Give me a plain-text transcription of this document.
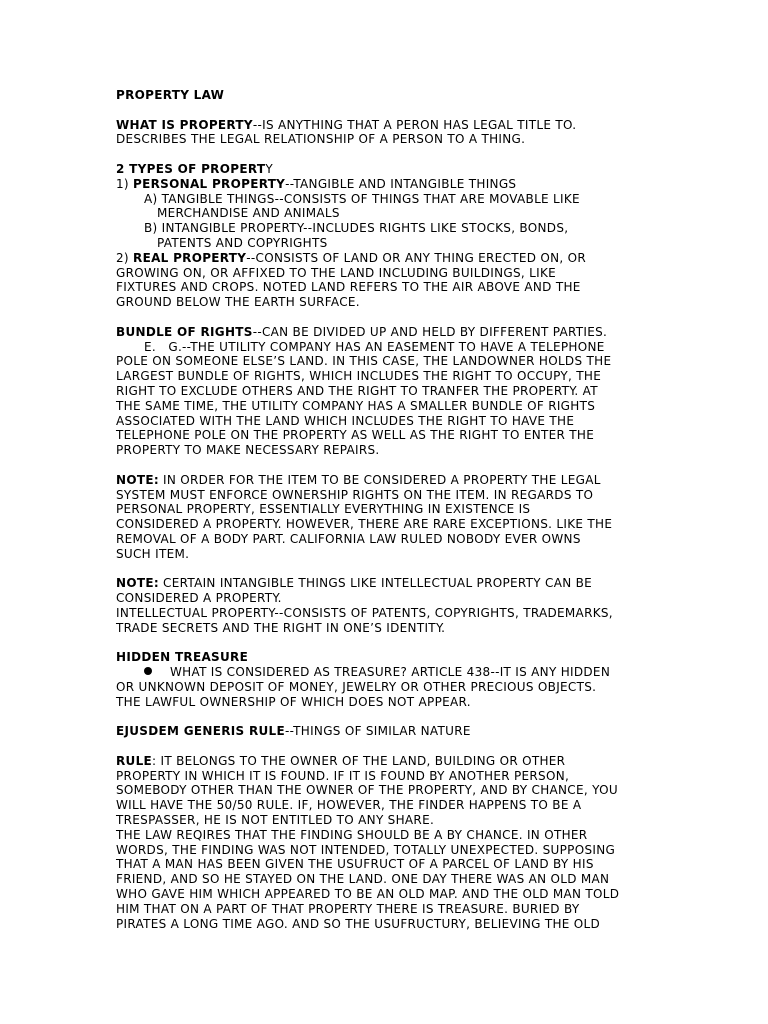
PROPERTY LAW
WHAT IS PROPERTY--IS ANYTHING THAT A PERON HAS LEGAL TITLE TO.
DESCRIBES THE LEGAL RELATIONSHIP OF A PERSON TO A THING.
2 TYPES OF PROPERTY
1) PERSONAL PROPERTY--TANGIBLE AND INTANGIBLE THINGS
A) TANGIBLE THINGS--CONSISTS OF THINGS THAT ARE MOVABLE LIKE
MERCHANDISE AND ANIMALS
B) INTANGIBLE PROPERTY--INCLUDES RIGHTS LIKE STOCKS, BONDS,
PATENTS AND COPYRIGHTS
2) REAL PROPERTY--CONSISTS OF LAND OR ANY THING ERECTED ON, OR
GROWING ON, OR AFFIXED TO THE LAND INCLUDING BUILDINGS, LIKE
FIXTURES AND CROPS. NOTED LAND REFERS TO THE AIR ABOVE AND THE
GROUND BELOW THE EARTH SURFACE.
BUNDLE OF RIGHTS--CAN BE DIVIDED UP AND HELD BY DIFFERENT PARTIES.
E.   G.--THE UTILITY COMPANY HAS AN EASEMENT TO HAVE A TELEPHONE
POLE ON SOMEONE ELSE’S LAND. IN THIS CASE, THE LANDOWNER HOLDS THE
LARGEST BUNDLE OF RIGHTS, WHICH INCLUDES THE RIGHT TO OCCUPY, THE
RIGHT TO EXCLUDE OTHERS AND THE RIGHT TO TRANFER THE PROPERTY. AT
THE SAME TIME, THE UTILITY COMPANY HAS A SMALLER BUNDLE OF RIGHTS
ASSOCIATED WITH THE LAND WHICH INCLUDES THE RIGHT TO HAVE THE
TELEPHONE POLE ON THE PROPERTY AS WELL AS THE RIGHT TO ENTER THE
PROPERTY TO MAKE NECESSARY REPAIRS.
NOTE: IN ORDER FOR THE ITEM TO BE CONSIDERED A PROPERTY THE LEGAL
SYSTEM MUST ENFORCE OWNERSHIP RIGHTS ON THE ITEM. IN REGARDS TO
PERSONAL PROPERTY, ESSENTIALLY EVERYTHING IN EXISTENCE IS
CONSIDERED A PROPERTY. HOWEVER, THERE ARE RARE EXCEPTIONS. LIKE THE
REMOVAL OF A BODY PART. CALIFORNIA LAW RULED NOBODY EVER OWNS
SUCH ITEM.
NOTE: CERTAIN INTANGIBLE THINGS LIKE INTELLECTUAL PROPERTY CAN BE
CONSIDERED A PROPERTY.
INTELLECTUAL PROPERTY--CONSISTS OF PATENTS, COPYRIGHTS, TRADEMARKS,
TRADE SECRETS AND THE RIGHT IN ONE’S IDENTITY.
HIDDEN TREASURE
WHAT IS CONSIDERED AS TREASURE? ARTICLE 438--IT IS ANY HIDDEN
OR UNKNOWN DEPOSIT OF MONEY, JEWELRY OR OTHER PRECIOUS OBJECTS.
THE LAWFUL OWNERSHIP OF WHICH DOES NOT APPEAR.
EJUSDEM GENERIS RULE--THINGS OF SIMILAR NATURE
RULE: IT BELONGS TO THE OWNER OF THE LAND, BUILDING OR OTHER
PROPERTY IN WHICH IT IS FOUND. IF IT IS FOUND BY ANOTHER PERSON,
SOMEBODY OTHER THAN THE OWNER OF THE PROPERTY, AND BY CHANCE, YOU
WILL HAVE THE 50/50 RULE. IF, HOWEVER, THE FINDER HAPPENS TO BE A
TRESPASSER, HE IS NOT ENTITLED TO ANY SHARE.
THE LAW REQIRES THAT THE FINDING SHOULD BE A BY CHANCE. IN OTHER
WORDS, THE FINDING WAS NOT INTENDED, TOTALLY UNEXPECTED. SUPPOSING
THAT A MAN HAS BEEN GIVEN THE USUFRUCT OF A PARCEL OF LAND BY HIS
FRIEND, AND SO HE STAYED ON THE LAND. ONE DAY THERE WAS AN OLD MAN
WHO GAVE HIM WHICH APPEARED TO BE AN OLD MAP. AND THE OLD MAN TOLD
HIM THAT ON A PART OF THAT PROPERTY THERE IS TREASURE. BURIED BY
PIRATES A LONG TIME AGO. AND SO THE USUFRUCTURY, BELIEVING THE OLD
